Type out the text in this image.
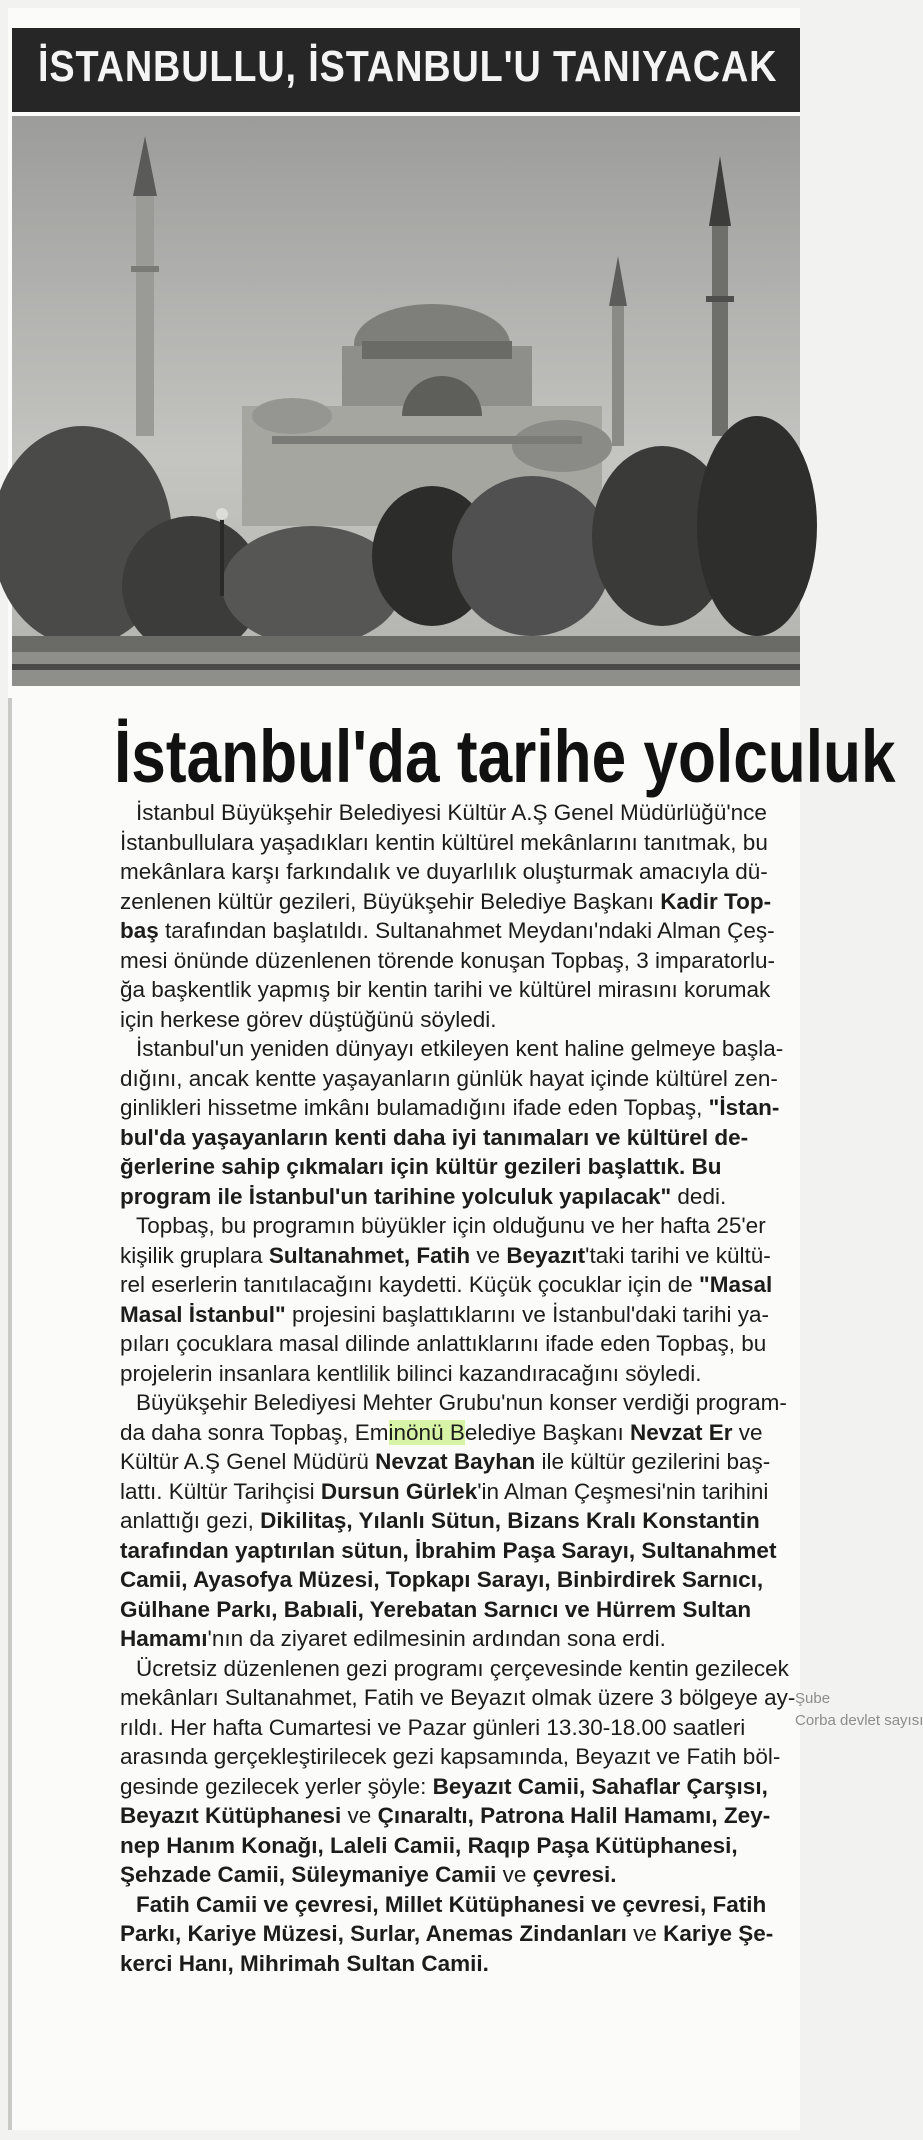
İSTANBULLU, İSTANBUL'U TANIYACAK
İstanbul'da tarihe yolculuk
İstanbul Büyükşehir Belediyesi Kültür A.Ş Genel Müdürlüğü'nce
İstanbullulara yaşadıkları kentin kültürel mekânlarını tanıtmak, bu
mekânlara karşı farkındalık ve duyarlılık oluşturmak amacıyla dü-
zenlenen kültür gezileri, Büyükşehir Belediye Başkanı Kadir Top-
baş tarafından başlatıldı. Sultanahmet Meydanı'ndaki Alman Çeş-
mesi önünde düzenlenen törende konuşan Topbaş, 3 imparatorlu-
ğa başkentlik yapmış bir kentin tarihi ve kültürel mirasını korumak
için herkese görev düştüğünü söyledi.
İstanbul'un yeniden dünyayı etkileyen kent haline gelmeye başla-
dığını, ancak kentte yaşayanların günlük hayat içinde kültürel zen-
ginlikleri hissetme imkânı bulamadığını ifade eden Topbaş, "İstan-
bul'da yaşayanların kenti daha iyi tanımaları ve kültürel de-
ğerlerine sahip çıkmaları için kültür gezileri başlattık. Bu
program ile İstanbul'un tarihine yolculuk yapılacak" dedi.
Topbaş, bu programın büyükler için olduğunu ve her hafta 25'er
kişilik gruplara Sultanahmet, Fatih ve Beyazıt'taki tarihi ve kültü-
rel eserlerin tanıtılacağını kaydetti. Küçük çocuklar için de "Masal
Masal İstanbul" projesini başlattıklarını ve İstanbul'daki tarihi ya-
pıları çocuklara masal dilinde anlattıklarını ifade eden Topbaş, bu
projelerin insanlara kentlilik bilinci kazandıracağını söyledi.
Büyükşehir Belediyesi Mehter Grubu'nun konser verdiği program-
da daha sonra Topbaş, Eminönü Belediye Başkanı Nevzat Er ve
Kültür A.Ş Genel Müdürü Nevzat Bayhan ile kültür gezilerini baş-
lattı. Kültür Tarihçisi Dursun Gürlek'in Alman Çeşmesi'nin tarihini
anlattığı gezi, Dikilitaş, Yılanlı Sütun, Bizans Kralı Konstantin
tarafından yaptırılan sütun, İbrahim Paşa Sarayı, Sultanahmet
Camii, Ayasofya Müzesi, Topkapı Sarayı, Binbirdirek Sarnıcı,
Gülhane Parkı, Babıali, Yerebatan Sarnıcı ve Hürrem Sultan
Hamamı'nın da ziyaret edilmesinin ardından sona erdi.
Ücretsiz düzenlenen gezi programı çerçevesinde kentin gezilecek
mekânları Sultanahmet, Fatih ve Beyazıt olmak üzere 3 bölgeye ay-
rıldı. Her hafta Cumartesi ve Pazar günleri 13.30-18.00 saatleri
arasında gerçekleştirilecek gezi kapsamında, Beyazıt ve Fatih böl-
gesinde gezilecek yerler şöyle: Beyazıt Camii, Sahaflar Çarşısı,
Beyazıt Kütüphanesi ve Çınaraltı, Patrona Halil Hamamı, Zey-
nep Hanım Konağı, Laleli Camii, Raqıp Paşa Kütüphanesi,
Şehzade Camii, Süleymaniye Camii ve çevresi.
Fatih Camii ve çevresi, Millet Kütüphanesi ve çevresi, Fatih
Parkı, Kariye Müzesi, Surlar, Anemas Zindanları ve Kariye Şe-
kerci Hanı, Mihrimah Sultan Camii.
Şube
Corba devlet sayısı
